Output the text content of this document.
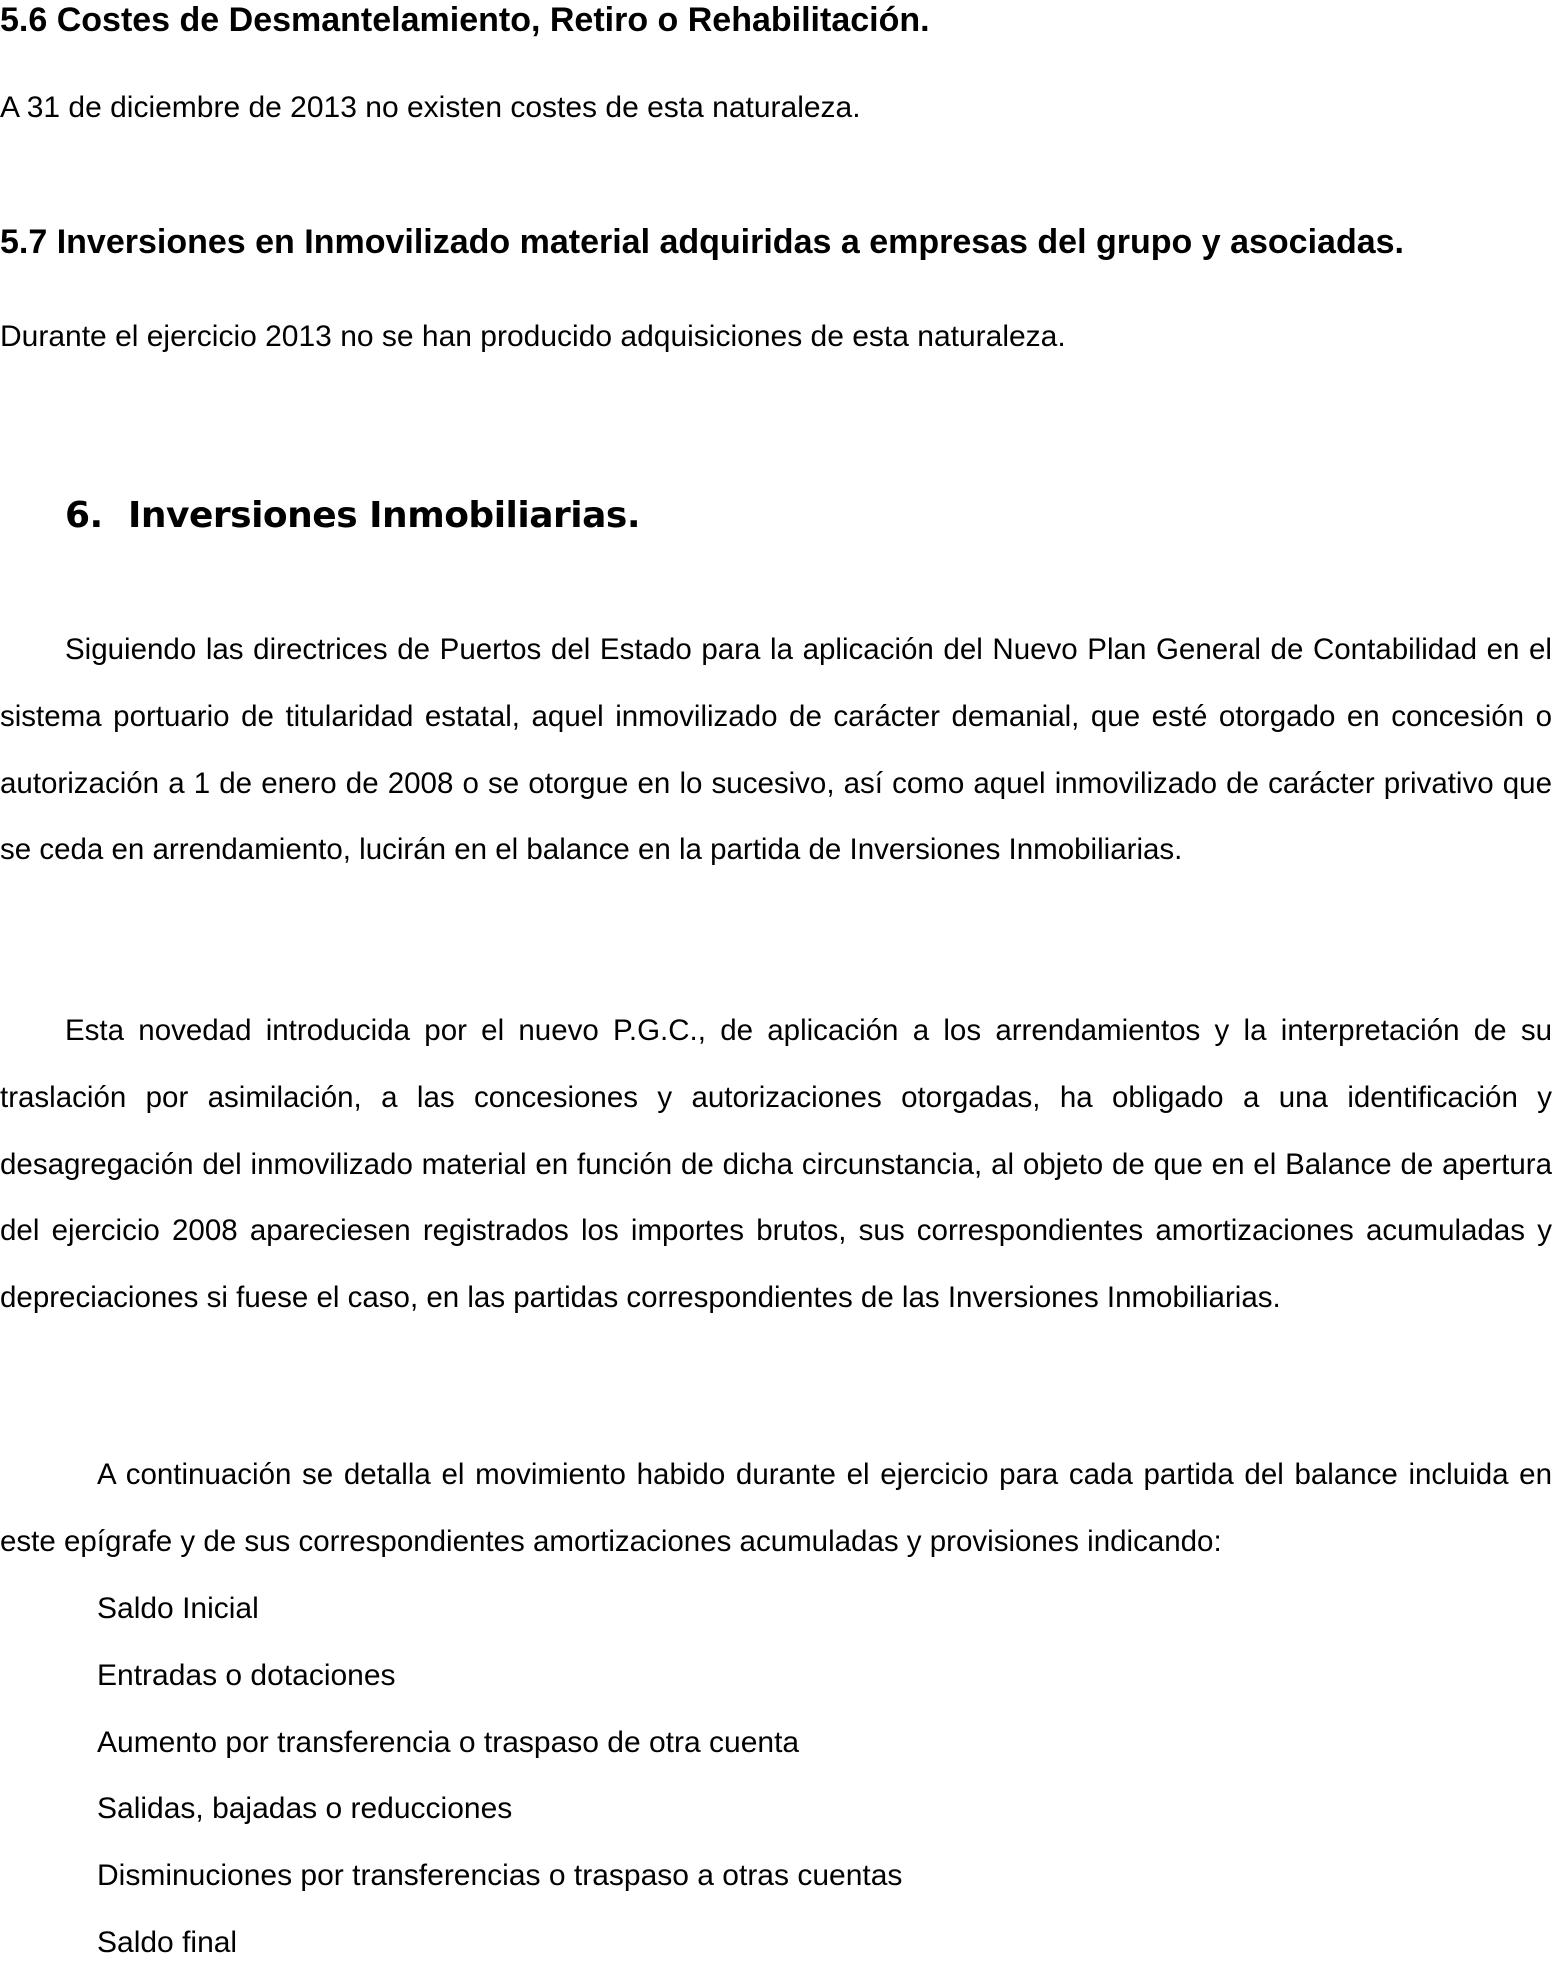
5.6 Costes de Desmantelamiento, Retiro o Rehabilitación.

A 31 de diciembre de 2013 no existen costes de esta naturaleza.

5.7 Inversiones en Inmovilizado material adquiridas a empresas del grupo y asociadas.

Durante el ejercicio 2013 no se han producido adquisiciones de esta naturaleza.

6. Inversiones Inmobiliarias.

Siguiendo las directrices de Puertos del Estado para la aplicación del Nuevo Plan General de Contabilidad en el sistema portuario de titularidad estatal, aquel inmovilizado de carácter demanial, que esté otorgado en concesión o autorización a 1 de enero de 2008 o se otorgue en lo sucesivo, así como aquel inmovilizado de carácter privativo que se ceda en arrendamiento, lucirán en el balance en la partida de Inversiones Inmobiliarias.

Esta novedad introducida por el nuevo P.G.C., de aplicación a los arrendamientos y la interpretación de su traslación por asimilación, a las concesiones y autorizaciones otorgadas, ha obligado a una identificación y desagregación del inmovilizado material en función de dicha circunstancia, al objeto de que en el Balance de apertura del ejercicio 2008 apareciesen registrados los importes brutos, sus correspondientes amortizaciones acumuladas y depreciaciones si fuese el caso, en las partidas correspondientes de las Inversiones Inmobiliarias.

A continuación se detalla el movimiento habido durante el ejercicio para cada partida del balance incluida en este epígrafe y de sus correspondientes amortizaciones acumuladas y provisiones indicando:

Saldo Inicial
Entradas o dotaciones
Aumento por transferencia o traspaso de otra cuenta
Salidas, bajadas o reducciones
Disminuciones por transferencias o traspaso a otras cuentas
Saldo final
